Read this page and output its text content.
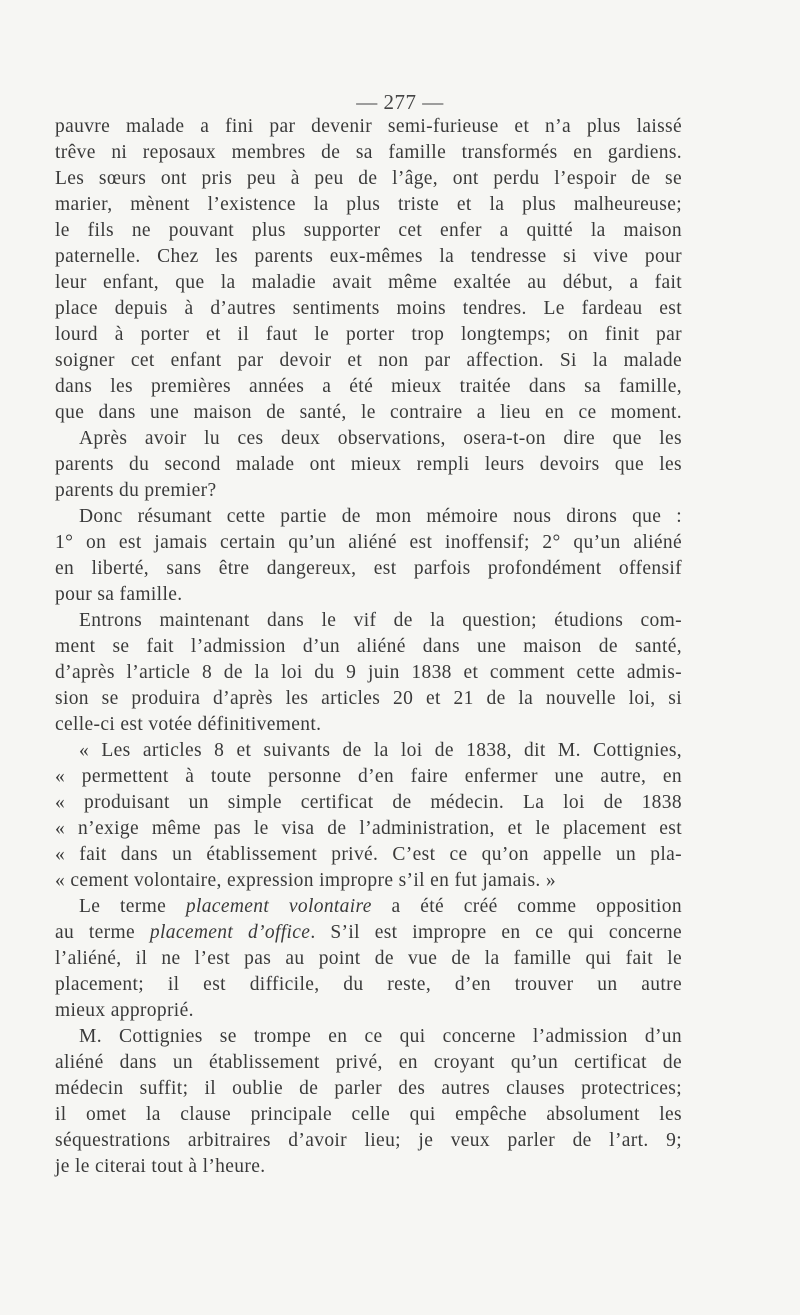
— 277 —
pauvre malade a fini par devenir semi-furieuse et n’a plus laissé
trêve ni reposaux membres de sa famille transformés en gardiens.
Les sœurs ont pris peu à peu de l’âge, ont perdu l’espoir de se
marier, mènent l’existence la plus triste et la plus malheureuse;
le fils ne pouvant plus supporter cet enfer a quitté la maison
paternelle. Chez les parents eux-mêmes la tendresse si vive pour
leur enfant, que la maladie avait même exaltée au début, a fait
place depuis à d’autres sentiments moins tendres. Le fardeau est
lourd à porter et il faut le porter trop longtemps; on finit par
soigner cet enfant par devoir et non par affection. Si la malade
dans les premières années a été mieux traitée dans sa famille,
que dans une maison de santé, le contraire a lieu en ce moment.
Après avoir lu ces deux observations, osera-t-on dire que les
parents du second malade ont mieux rempli leurs devoirs que les
parents du premier?
Donc résumant cette partie de mon mémoire nous dirons que :
1° on est jamais certain qu’un aliéné est inoffensif; 2° qu’un aliéné
en liberté, sans être dangereux, est parfois profondément offensif
pour sa famille.
Entrons maintenant dans le vif de la question; étudions com-
ment se fait l’admission d’un aliéné dans une maison de santé,
d’après l’article 8 de la loi du 9 juin 1838 et comment cette admis-
sion se produira d’après les articles 20 et 21 de la nouvelle loi, si
celle-ci est votée définitivement.
« Les articles 8 et suivants de la loi de 1838, dit M. Cottignies,
« permettent à toute personne d’en faire enfermer une autre, en
« produisant un simple certificat de médecin. La loi de 1838
« n’exige même pas le visa de l’administration, et le placement est
« fait dans un établissement privé. C’est ce qu’on appelle un pla-
« cement volontaire, expression impropre s’il en fut jamais. »
Le terme placement volontaire a été créé comme opposition
au terme placement d’office. S’il est impropre en ce qui concerne
l’aliéné, il ne l’est pas au point de vue de la famille qui fait le
placement; il est difficile, du reste, d’en trouver un autre
mieux approprié.
M. Cottignies se trompe en ce qui concerne l’admission d’un
aliéné dans un établissement privé, en croyant qu’un certificat de
médecin suffit; il oublie de parler des autres clauses protectrices;
il omet la clause principale celle qui empêche absolument les
séquestrations arbitraires d’avoir lieu; je veux parler de l’art. 9;
je le citerai tout à l’heure.
